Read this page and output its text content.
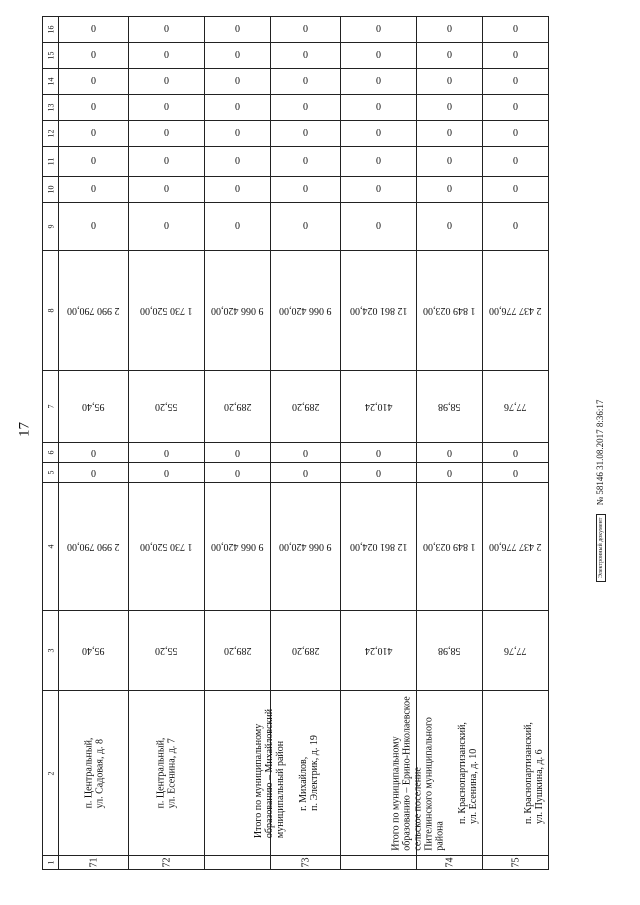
17
16	0	0	0	0	0	0	0
15	0	0	0	0	0	0	0
14	0	0	0	0	0	0	0
13	0	0	0	0	0	0	0
12	0	0	0	0	0	0	0
11	0	0	0	0	0	0	0
10	0	0	0	0	0	0	0
9	0	0	0	0	0	0	0
8	2 990 790,00	1 730 520,00	9 066 420,00	9 066 420,00	12 861 024,00	1 849 023,00	2 437 776,00
7	95,40	55,20	289,20	289,20	410,24	58,98	77,76
6	0	0	0	0	0	0	0
5	0	0	0	0	0	0	0
4	2 990 790,00	1 730 520,00	9 066 420,00	9 066 420,00	12 861 024,00	1 849 023,00	2 437 776,00
3	95,40	55,20	289,20	289,20	410,24	58,98	77,76
2	п. Центральный,
ул. Садовая, д. 8	п. Центральный,
ул. Есенина, д. 7	Итого по муниципальному
образованию – Михайловский
муниципальный район	г. Михайлов,
п. Электрик, д. 19	Итого по муниципальному
образованию – Ерино-Николаевское
сельское поселение
Пителинского муниципального
района	п. Краснопартизанский,
ул. Есенина, д. 10	п. Краснопартизанский,
ул. Пушкина, д. 6
1	71	72		73		74	75
Электронный документ № 58146 31.08.2017 8:36:17
